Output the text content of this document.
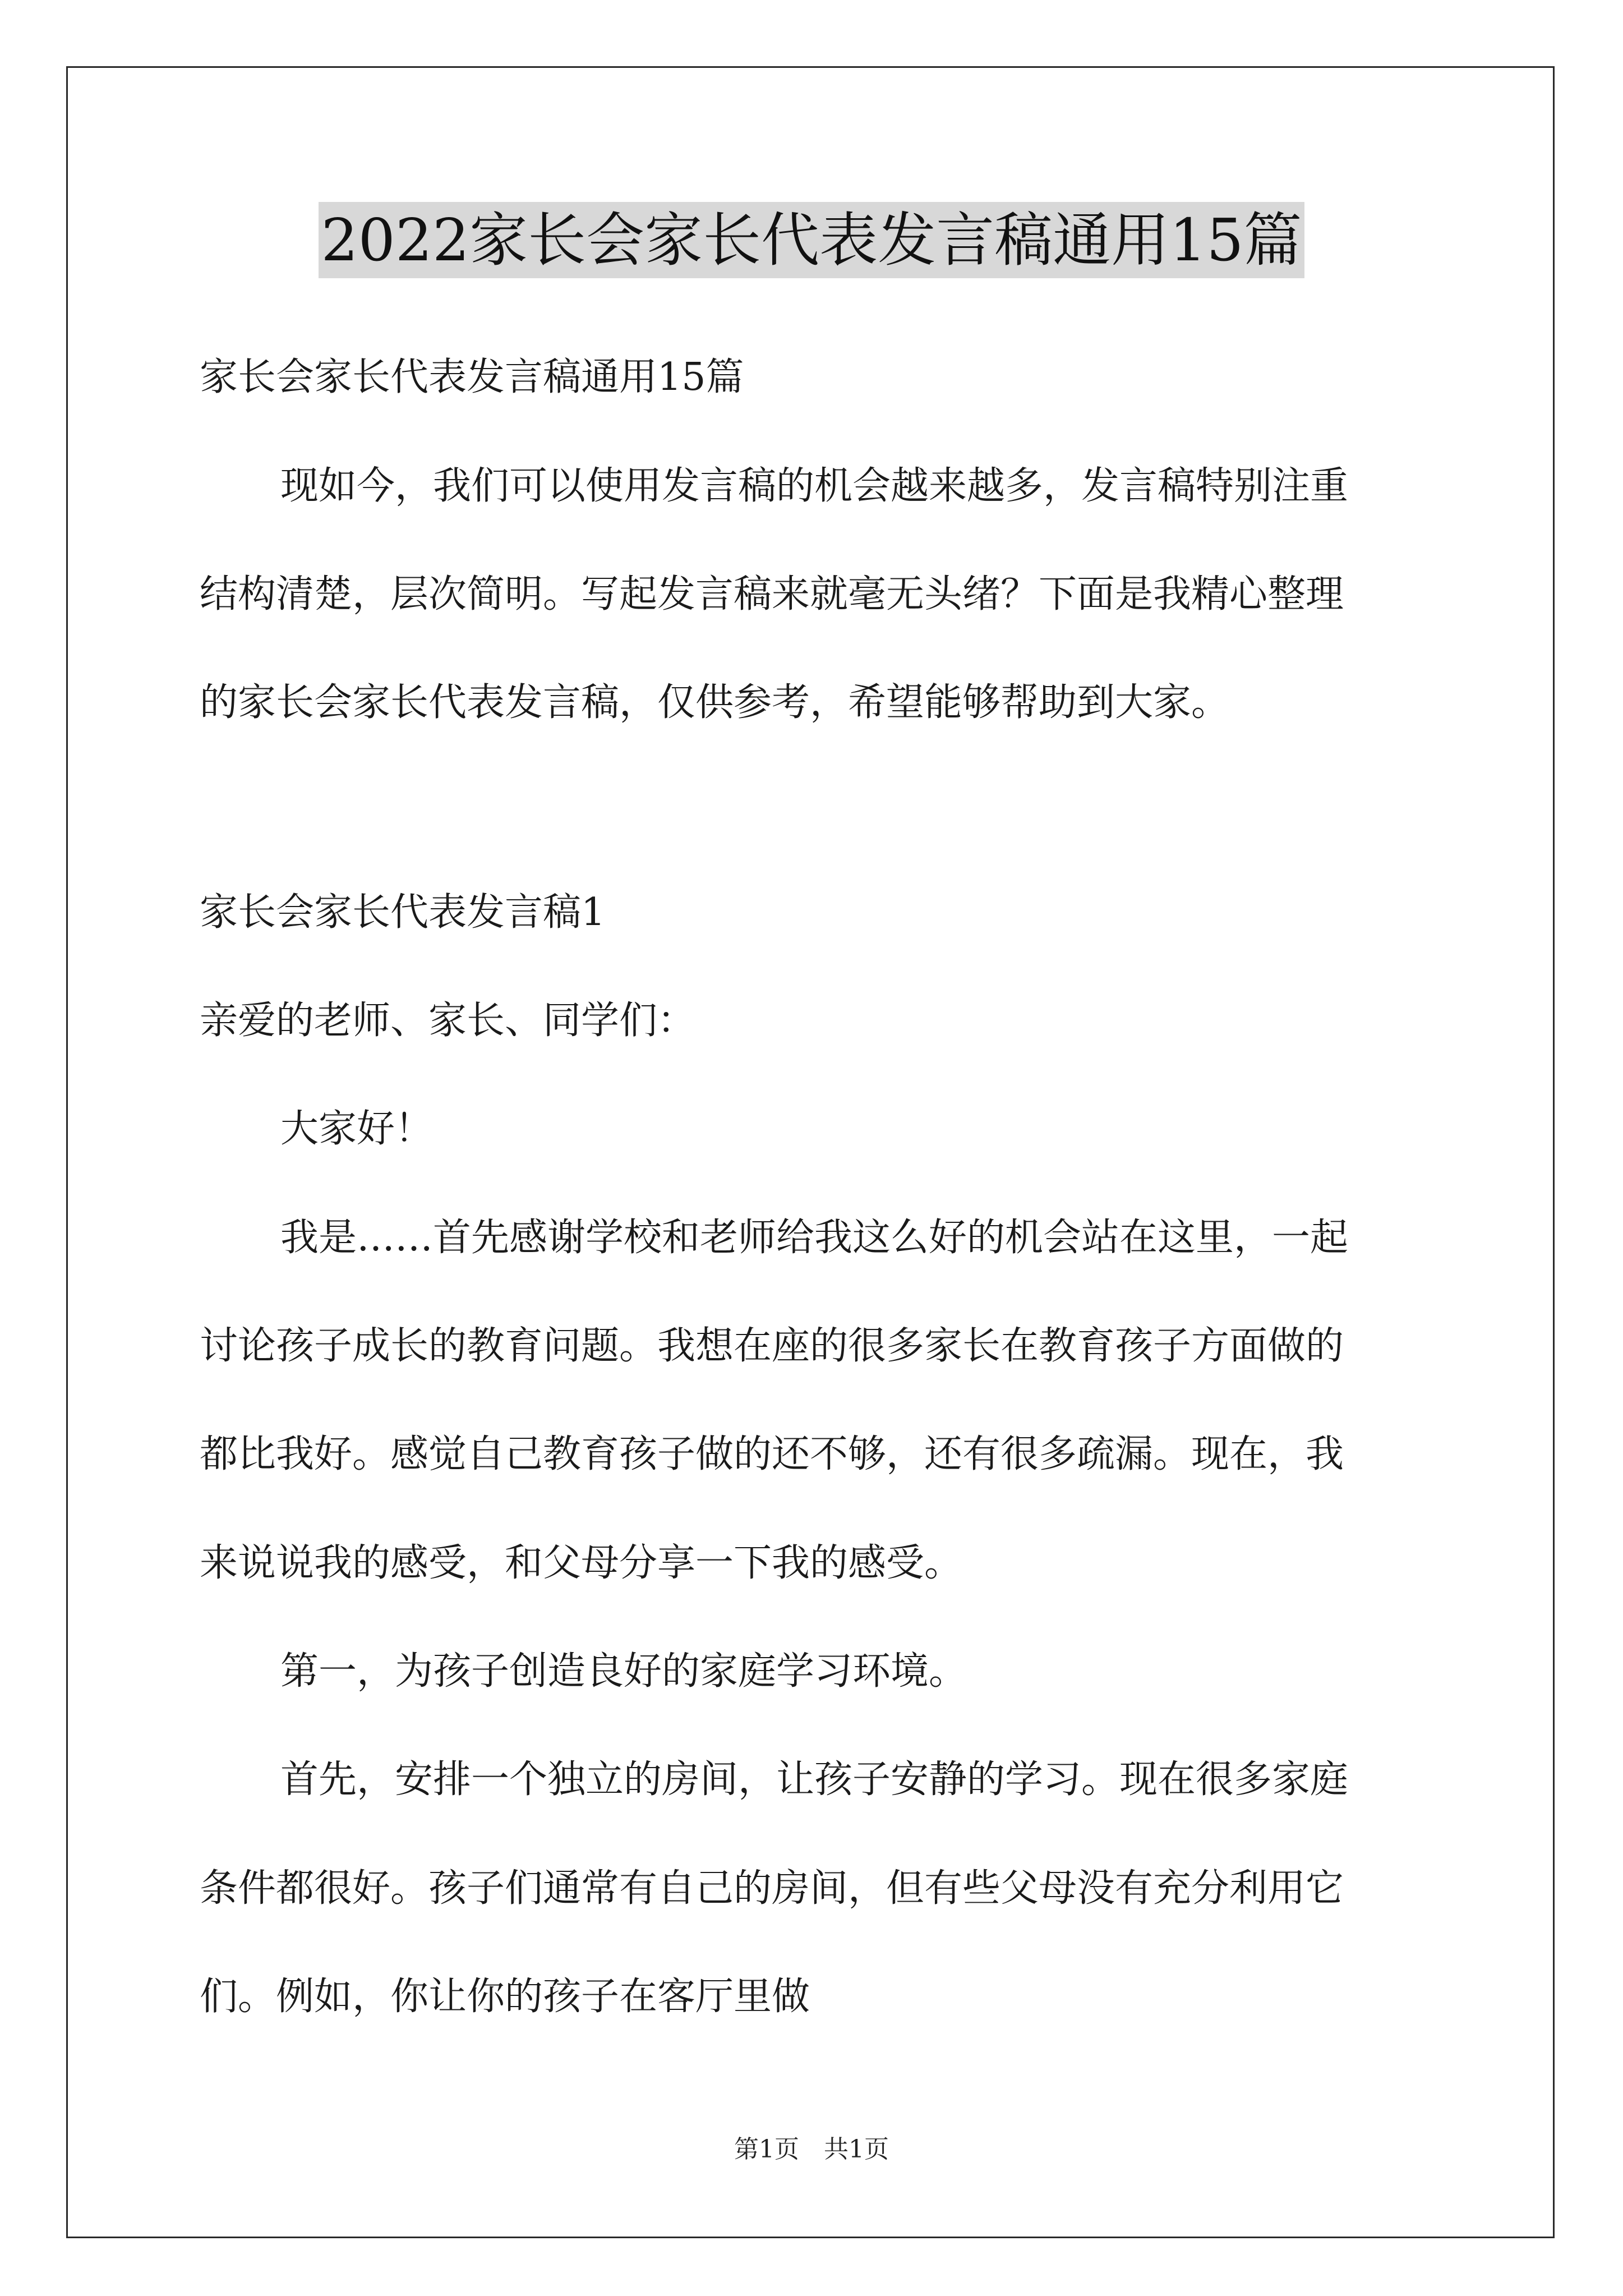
2022家长会家长代表发言稿通用15篇
家长会家长代表发言稿通用15篇
现如今，我们可以使用发言稿的机会越来越多，发言稿特别注重
结构清楚，层次简明。写起发言稿来就毫无头绪？下面是我精心整理
的家长会家长代表发言稿，仅供参考，希望能够帮助到大家。
家长会家长代表发言稿1
亲爱的老师、家长、同学们：
大家好！
我是……首先感谢学校和老师给我这么好的机会站在这里，一起
讨论孩子成长的教育问题。我想在座的很多家长在教育孩子方面做的
都比我好。感觉自己教育孩子做的还不够，还有很多疏漏。现在，我
来说说我的感受，和父母分享一下我的感受。
第一，为孩子创造良好的家庭学习环境。
首先，安排一个独立的房间，让孩子安静的学习。现在很多家庭
条件都很好。孩子们通常有自己的房间，但有些父母没有充分利用它
们。例如，你让你的孩子在客厅里做
第1页 共1页
